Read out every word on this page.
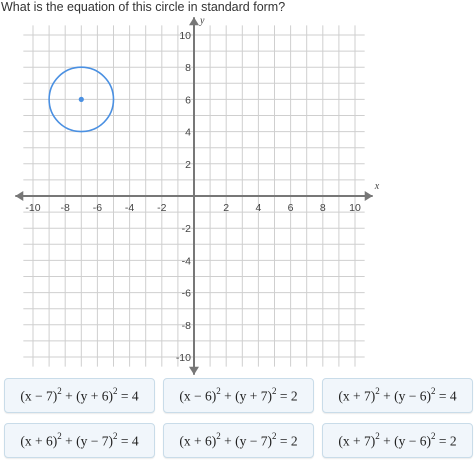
What is the equation of this circle in standard form?
x
y
-10 -8 -6 -4 -2	2	4	6	8 10
10
8
6
4
2
-2
-4
-6
-8
-10
$(x - 7)^2 + (y + 6)^2 = 4$	$(x - 6)^2 + (y + 7)^2 = 2$	$(x + 7)^2 + (y - 6)^2 = 4$
$(x + 6)^2 + (y - 7)^2 = 4$	$(x + 6)^2 + (y - 7)^2 = 2$	$(x + 7)^2 + (y - 6)^2 = 2$
